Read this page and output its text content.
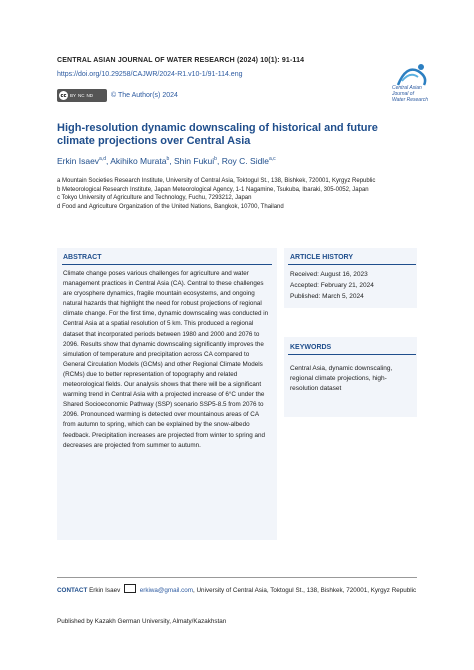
CENTRAL ASIAN JOURNAL OF WATER RESEARCH (2024) 10(1): 91-114
https://doi.org/10.29258/CAJWR/2024-R1.v10-1/91-114.eng
cc BY NC ND	© The Author(s) 2024
Central Asian
Journal of
Water Research
High-resolution dynamic downscaling of historical and future climate projections over Central Asia
Erkin Isaev$^{a,d}$, Akihiko Murata$^b$, Shin Fukui$^b$, Roy C. Sidle$^{a,c}$

a Mountain Societies Research Institute, University of Central Asia, Toktogul St., 138, Bishkek, 720001, Kyrgyz Republic

b Meteorological Research Institute, Japan Meteorological Agency, 1-1 Nagamine, Tsukuba, Ibaraki, 305-0052, Japan

c Tokyo University of Agriculture and Technology, Fuchu, 7293212, Japan

d Food and Agriculture Organization of the United Nations, Bangkok, 10700, Thailand

ABSTRACT
Climate change poses various challenges for agriculture and water management practices in Central Asia (CA). Central to these challenges are cryosphere dynamics, fragile mountain ecosystems, and ongoing natural hazards that highlight the need for robust projections of regional climate change. For the first time, dynamic downscaling was conducted in Central Asia at a spatial resolution of 5 km. This produced a regional dataset that incorporated periods between 1980 and 2000 and 2076 to 2096. Results show that dynamic downscaling significantly improves the simulation of temperature and precipitation across CA compared to General Circulation Models (GCMs) and other Regional Climate Models (RCMs) due to better representation of topography and related meteorological fields. Our analysis shows that there will be a significant warming trend in Central Asia with a projected increase of 6°C under the Shared Socioeconomic Pathway (SSP) scenario SSP5-8.5 from 2076 to 2096. Pronounced warming is detected over mountainous areas of CA from autumn to spring, which can be explained by the snow-albedo feedback. Precipitation increases are projected from winter to spring and decreases are projected from summer to autumn.
ARTICLE HISTORY
Received: August 16, 2023
Accepted: February 21, 2024
Published: March 5, 2024
KEYWORDS
Central Asia, dynamic downscaling, regional climate projections, high-resolution dataset
CONTACT Erkin Isaev	erkiwa@gmail.com, University of Central Asia, Toktogul St., 138, Bishkek, 720001, Kyrgyz Republic
Published by Kazakh German University, Almaty/Kazakhstan
